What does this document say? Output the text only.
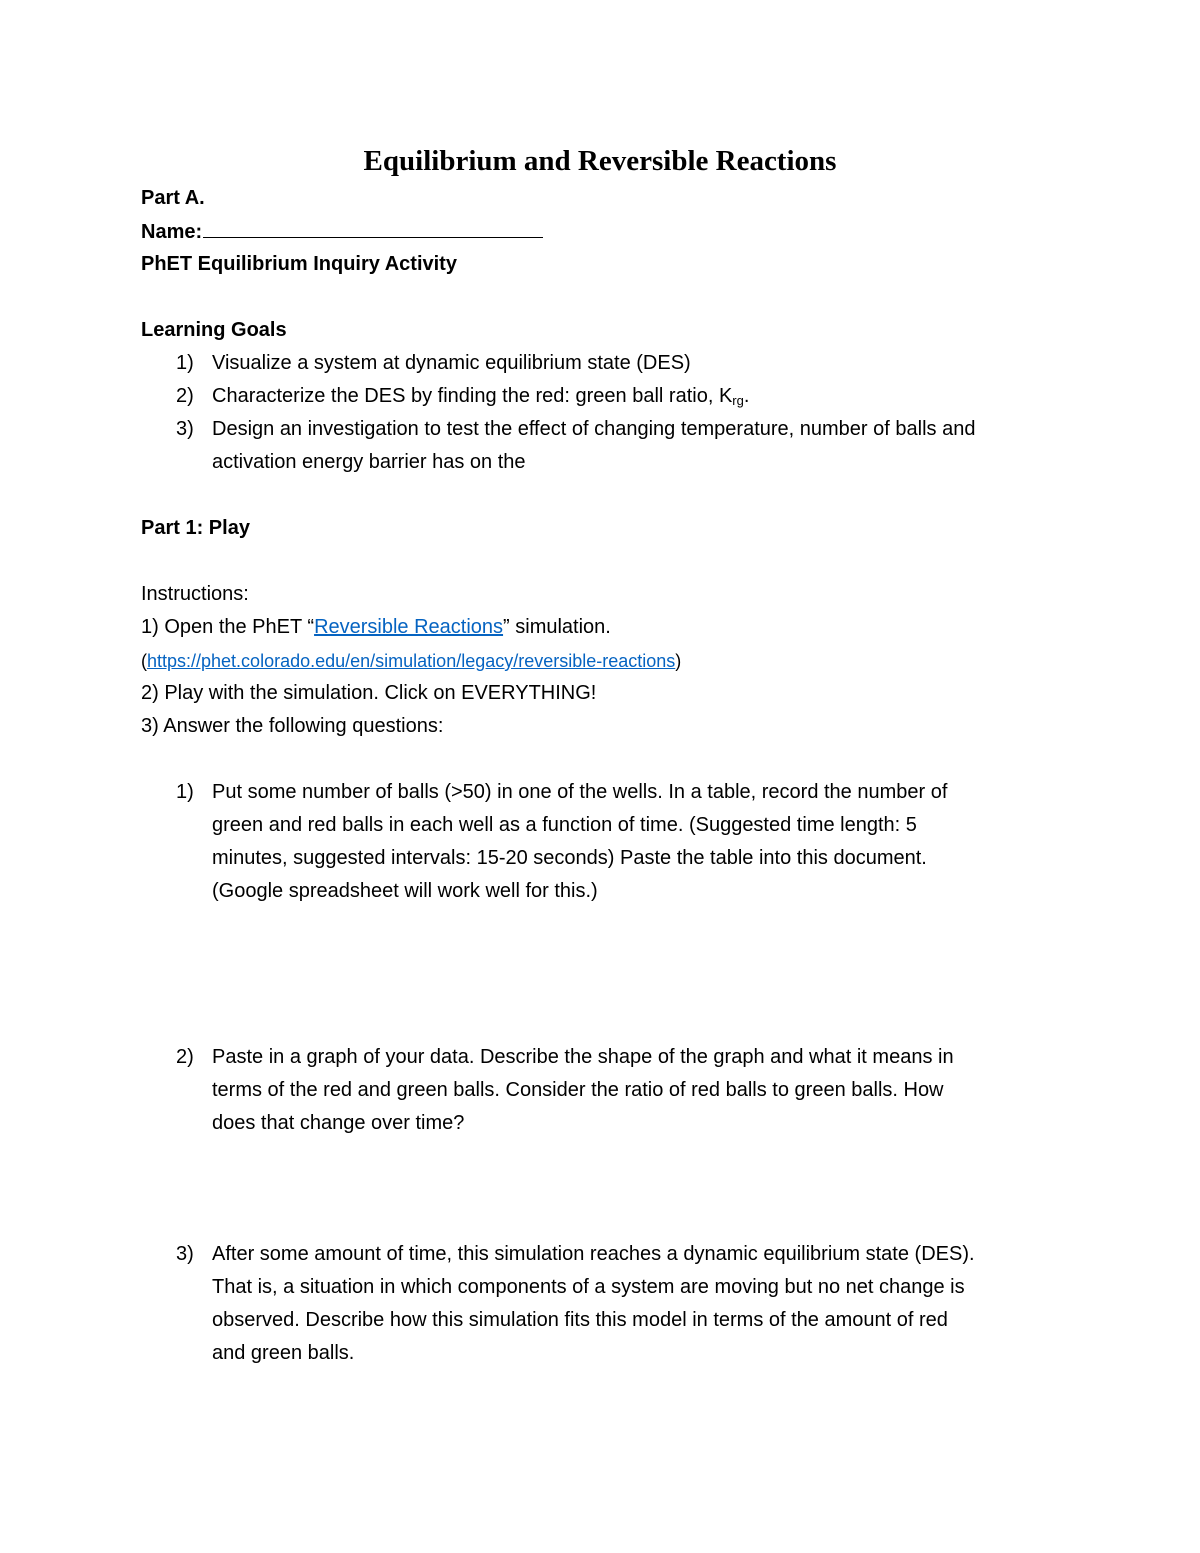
Equilibrium and Reversible Reactions
Part A.
Name:
PhET Equilibrium Inquiry Activity
Learning Goals
1) Visualize a system at dynamic equilibrium state (DES)
2) Characterize the DES by finding the red: green ball ratio, $K_{rg}$.
3) Design an investigation to test the effect of changing temperature, number of balls and
activation energy barrier has on the
Part 1: Play
Instructions:
1) Open the PhET “Reversible Reactions” simulation.
(https://phet.colorado.edu/en/simulation/legacy/reversible-reactions)
2) Play with the simulation. Click on EVERYTHING!
3) Answer the following questions:
1) Put some number of balls (>50) in one of the wells. In a table, record the number of
green and red balls in each well as a function of time. (Suggested time length: 5
minutes, suggested intervals: 15-20 seconds) Paste the table into this document.
(Google spreadsheet will work well for this.)
2) Paste in a graph of your data. Describe the shape of the graph and what it means in
terms of the red and green balls. Consider the ratio of red balls to green balls. How
does that change over time?
3) After some amount of time, this simulation reaches a dynamic equilibrium state (DES).
That is, a situation in which components of a system are moving but no net change is
observed. Describe how this simulation fits this model in terms of the amount of red
and green balls.
